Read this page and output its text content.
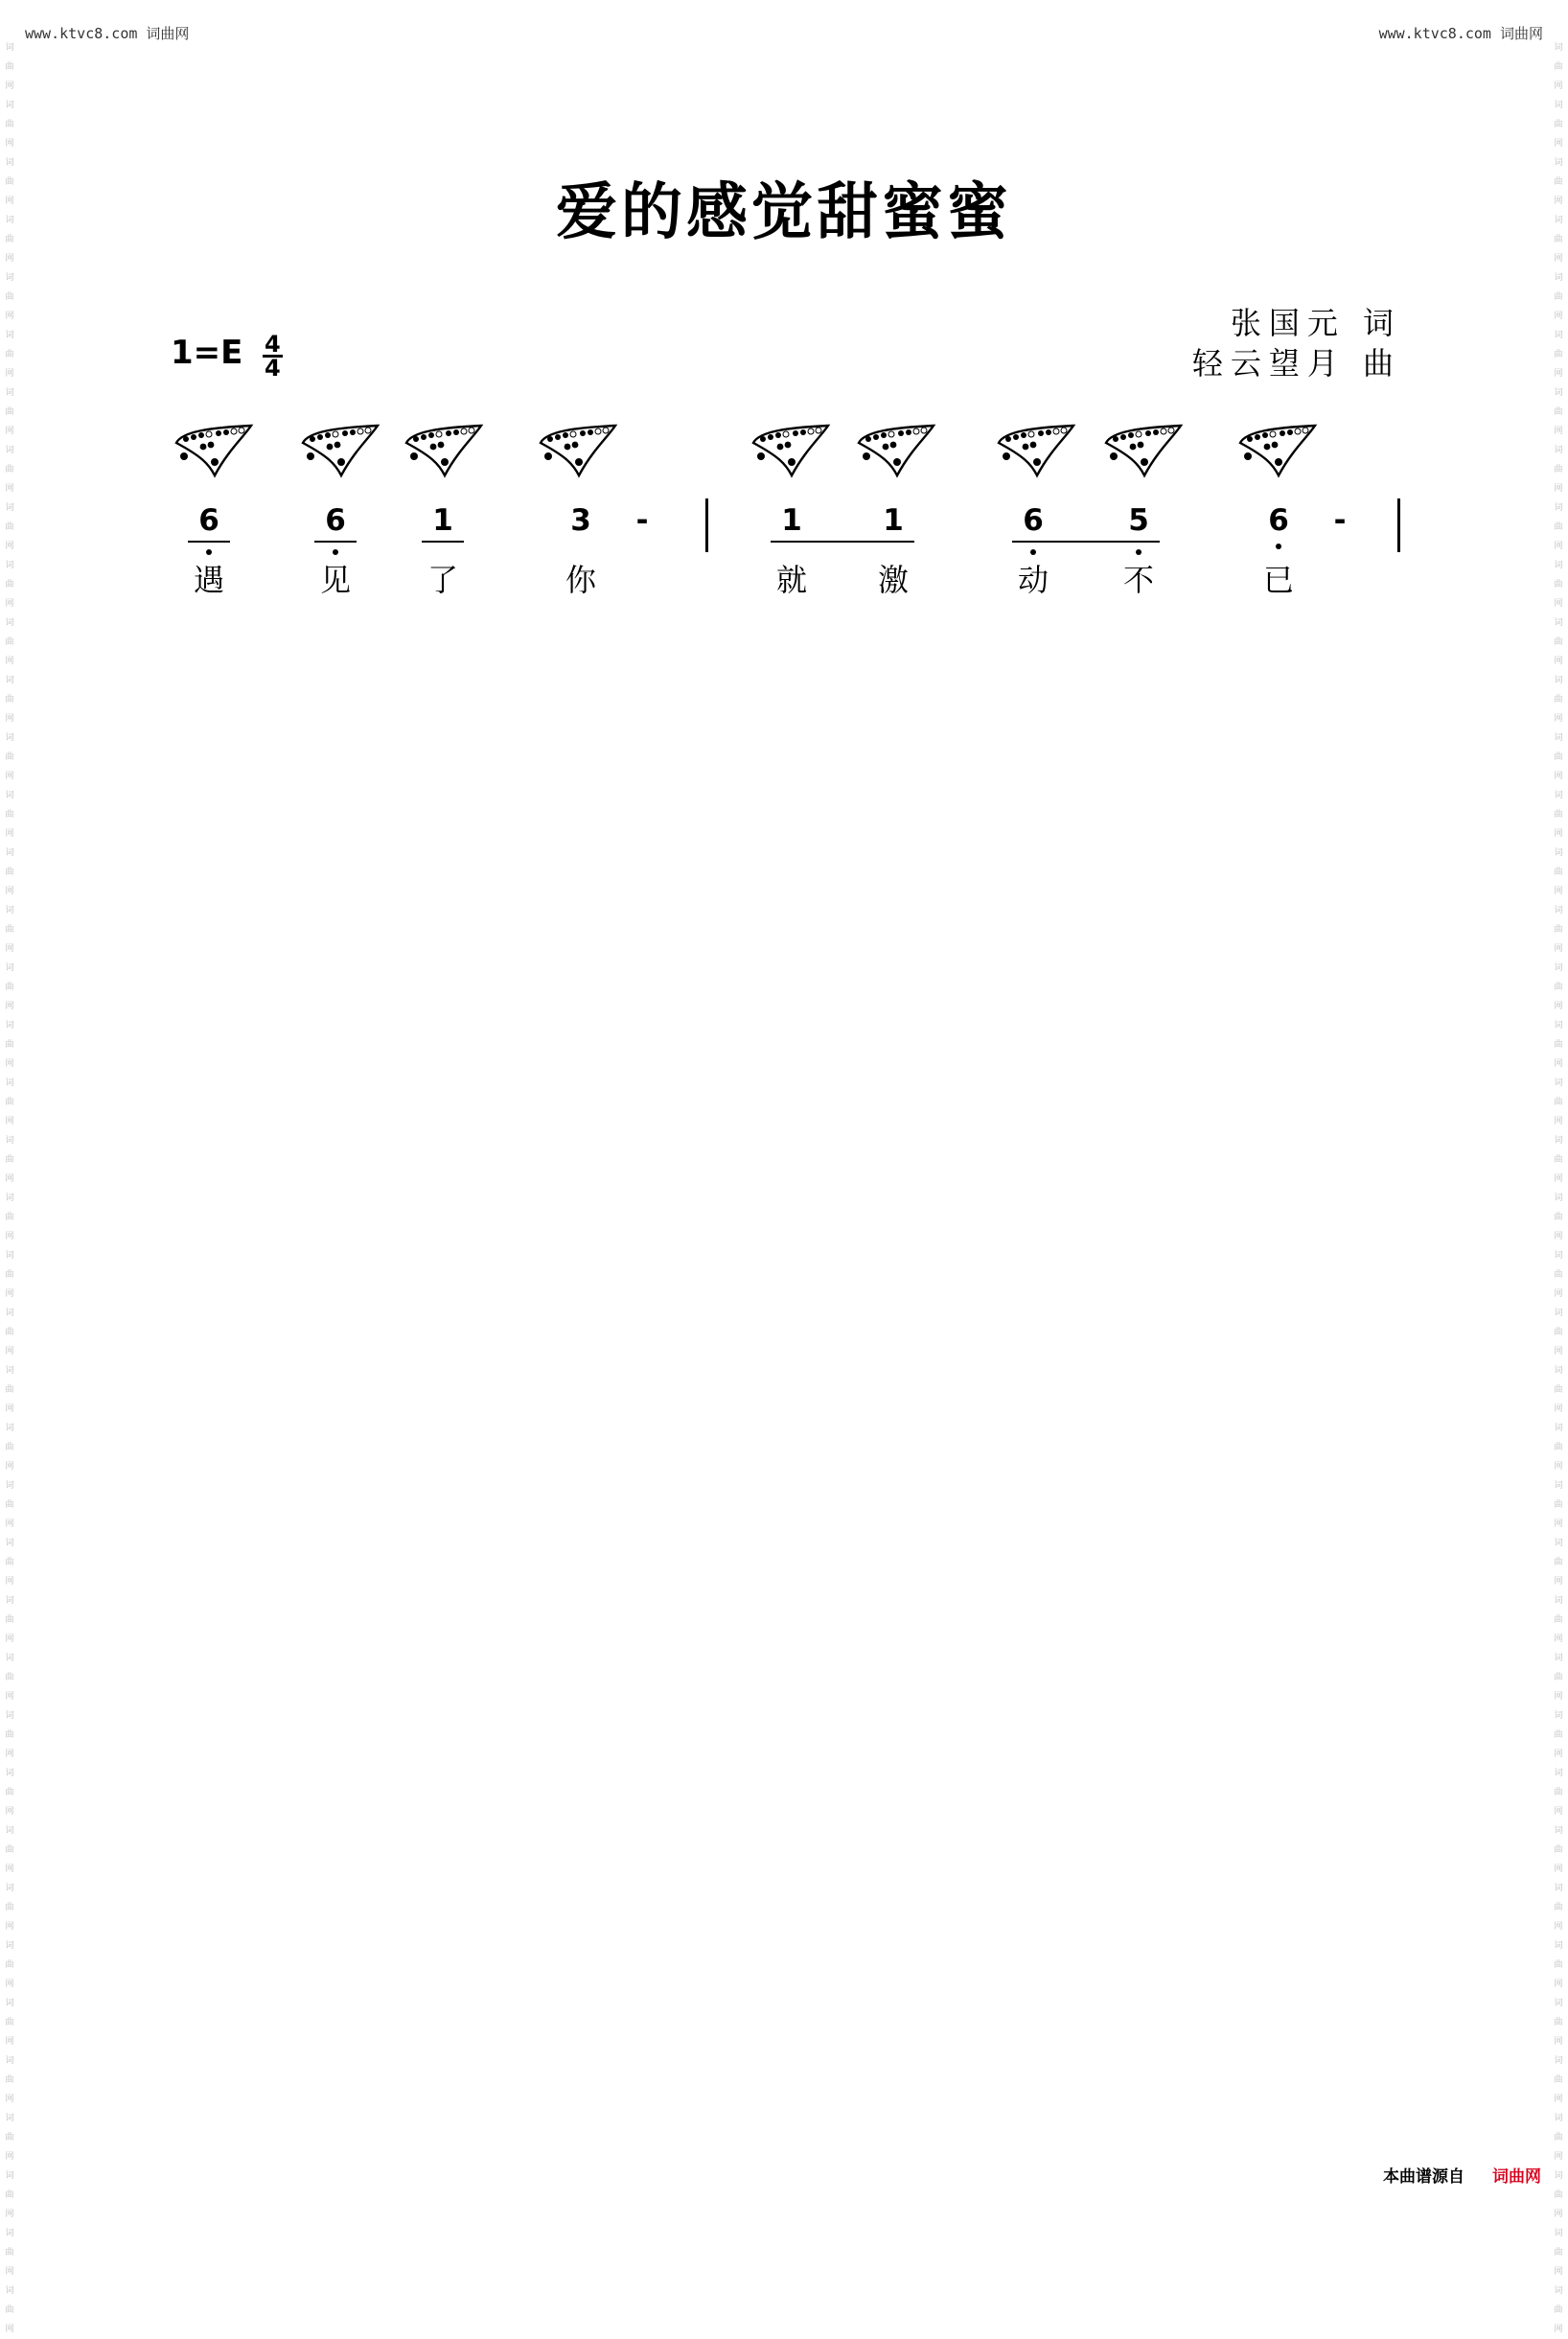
www.ktvc8.com 词曲网	www.ktvc8.com 词曲网
词曲网
词曲网
词曲网
词曲网
词曲网
词曲网
词曲网
词曲网
词曲网
词曲网
词曲网
词曲网
词曲网
词曲网
词曲网
词曲网
词曲网
词曲网
词曲网
词曲网
词曲网
词曲网
词曲网
词曲网
词曲网
词曲网
词曲网
词曲网
词曲网
词曲网
词曲网
词曲网
词曲网
词曲网
词曲网
词曲网
词曲网
词曲网
词曲网
词曲网
词曲网
词曲网
词曲网
词曲网
词曲网
词曲网
词曲网
词曲网
词曲网
词曲网
词曲网
词曲网
词曲网
词曲网
词曲网
词曲网
词曲网
词曲网
词曲网
词曲网
词曲网
词曲网
词曲网
词曲网
词曲网
词曲网
词曲网
词曲网
词曲网
词曲网
词曲网
词曲网
词曲网
词曲网
词曲网
词曲网
词曲网
词曲网
词曲网
词曲网
爱的感觉甜蜜蜜
张国元 词
轻云望月 曲
$1=E \frac{4}{4}$
6	6	1	3	-	1	1	6	5	6	-
遇	见	了	你	就	激	动	不	已
本曲谱源自 词曲网
